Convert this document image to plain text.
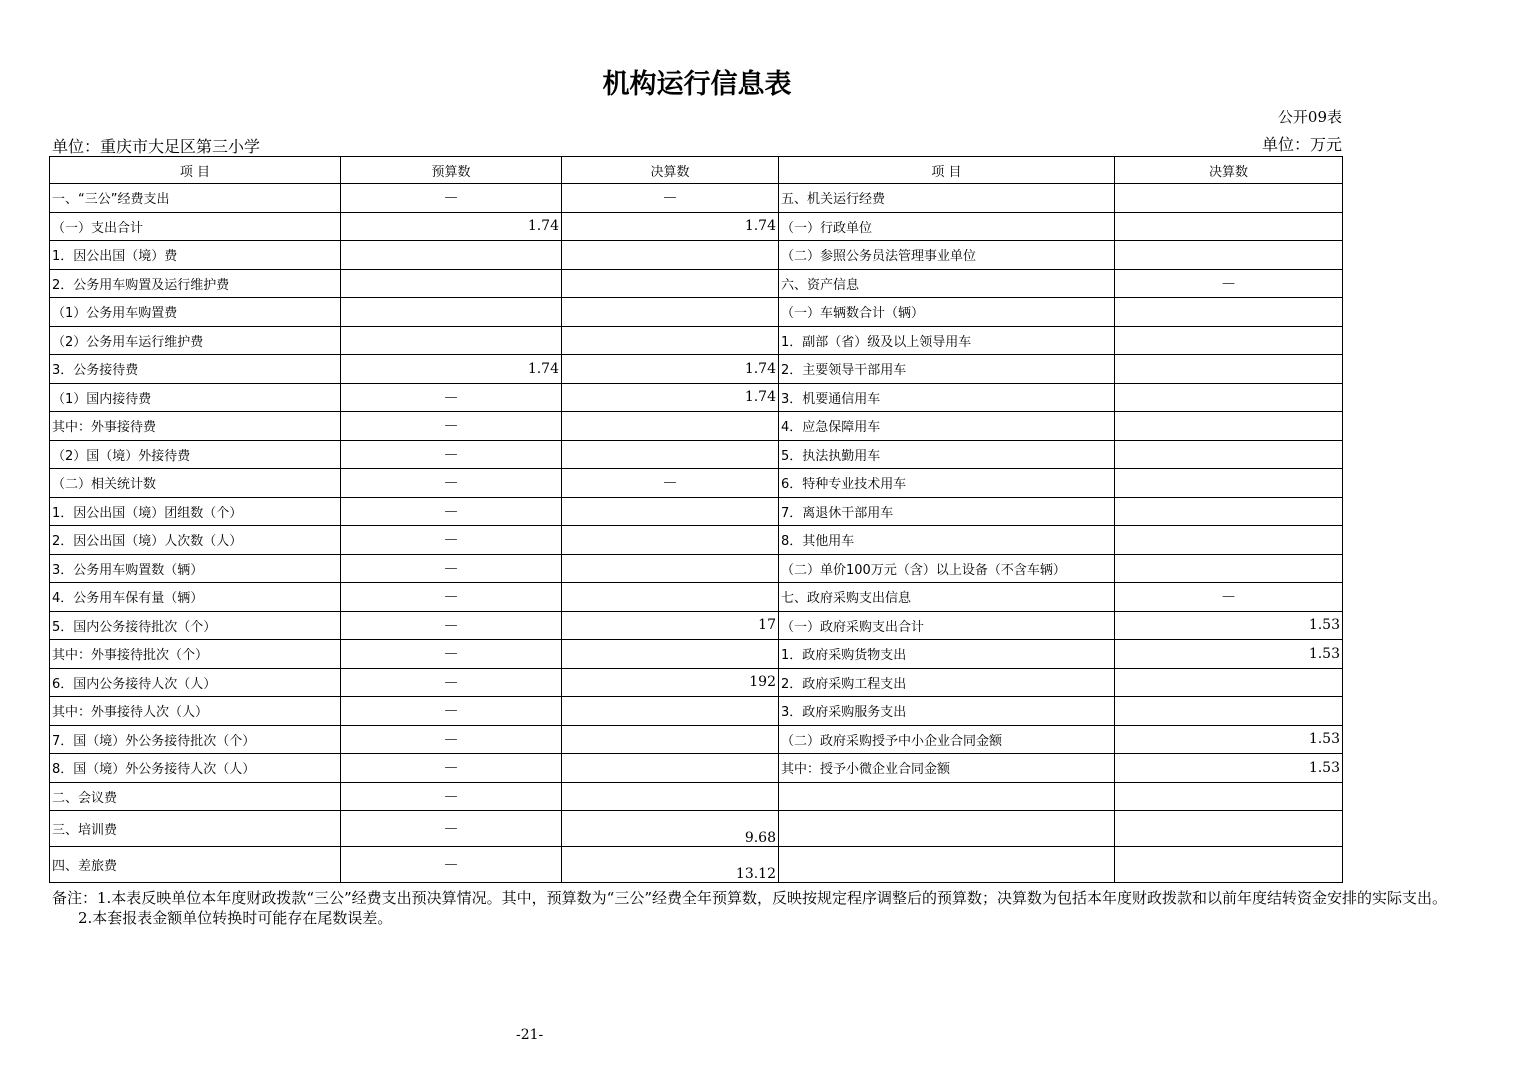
机构运行信息表
公开09表
单位：重庆市大足区第三小学	单位：万元
项 目	预算数	决算数	项 目	决算数
一、“三公”经费支出	—	—	五、机关运行经费	
（一）支出合计	1.74	1.74	（一）行政单位	
1．因公出国（境）费			（二）参照公务员法管理事业单位	
2．公务用车购置及运行维护费			六、资产信息	—
（1）公务用车购置费			（一）车辆数合计（辆）	
（2）公务用车运行维护费			1．副部（省）级及以上领导用车	
3．公务接待费	1.74	1.74	2．主要领导干部用车	
（1）国内接待费	—	1.74	3．机要通信用车	
其中：外事接待费	—		4．应急保障用车	
（2）国（境）外接待费	—		5．执法执勤用车	
（二）相关统计数	—	—	6．特种专业技术用车	
1．因公出国（境）团组数（个）	—		7．离退休干部用车	
2．因公出国（境）人次数（人）	—		8．其他用车	
3．公务用车购置数（辆）	—		（二）单价100万元（含）以上设备（不含车辆）	
4．公务用车保有量（辆）	—		七、政府采购支出信息	—
5．国内公务接待批次（个）	—	17	（一）政府采购支出合计	1.53
其中：外事接待批次（个）	—		1．政府采购货物支出	1.53
6．国内公务接待人次（人）	—	192	2．政府采购工程支出	
其中：外事接待人次（人）	—		3．政府采购服务支出	
7．国（境）外公务接待批次（个）	—		（二）政府采购授予中小企业合同金额	1.53
8．国（境）外公务接待人次（人）	—		其中：授予小微企业合同金额	1.53
二、会议费	—			
三、培训费	—	9.68		
四、差旅费	—	13.12		

备注：1.本表反映单位本年度财政拨款“三公”经费支出预决算情况。其中，预算数为“三公”经费全年预算数，反映按规定程序调整后的预算数；决算数为包括本年度财政拨款和以前年度结转资金安排的实际支出。

2.本套报表金额单位转换时可能存在尾数误差。

-21-
